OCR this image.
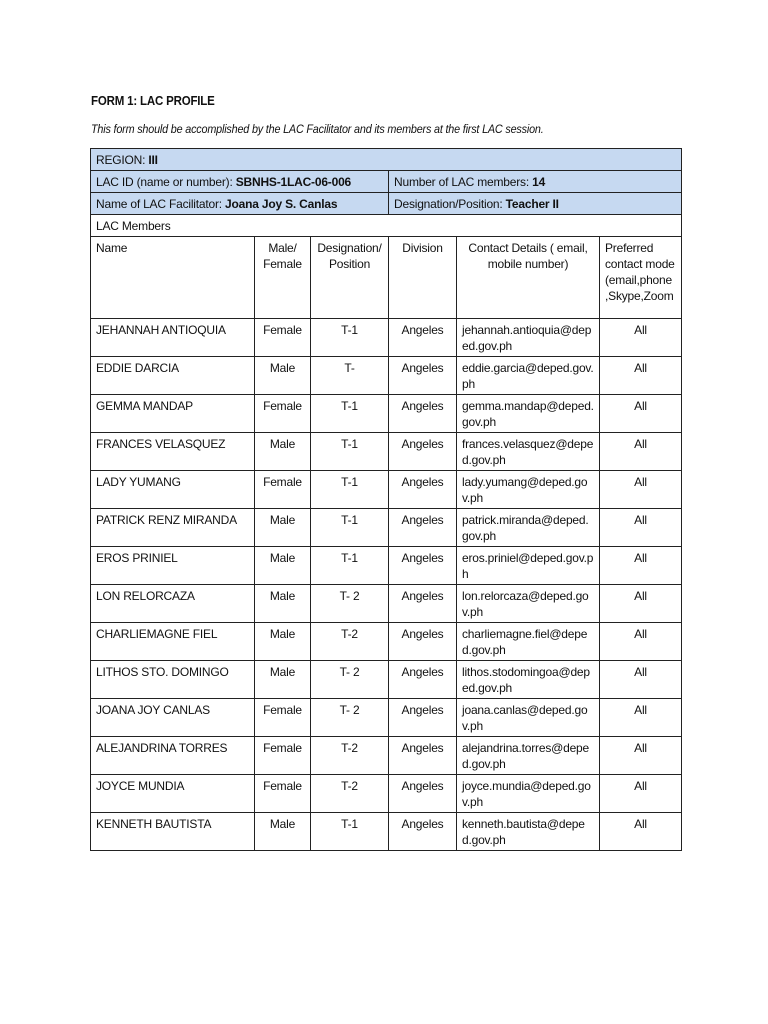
FORM 1: LAC PROFILE
This form should be accomplished by the LAC Facilitator and its members at the first LAC session.
REGION: III					
LAC ID (name or number): SBNHS-1LAC-06-006			Number of LAC members: 14		
Name of LAC Facilitator: Joana Joy S. Canlas			Designation/Position: Teacher II		
LAC Members					
Name	Male/ Female	Designation/ Position	Division	Contact Details ( email, mobile number)	Preferred contact mode (email,phone ,Skype,Zoom
JEHANNAH ANTIOQUIA	Female	T-1	Angeles	jehannah.antioquia@deped.gov.ph	All
EDDIE DARCIA	Male	T-	Angeles	eddie.garcia@deped.gov.ph	All
GEMMA MANDAP	Female	T-1	Angeles	gemma.mandap@deped.gov.ph	All
FRANCES VELASQUEZ	Male	T-1	Angeles	frances.velasquez@deped.gov.ph	All
LADY YUMANG	Female	T-1	Angeles	lady.yumang@deped.gov.ph	All
PATRICK RENZ MIRANDA	Male	T-1	Angeles	patrick.miranda@deped.gov.ph	All
EROS PRINIEL	Male	T-1	Angeles	eros.priniel@deped.gov.ph	All
LON RELORCAZA	Male	T- 2	Angeles	lon.relorcaza@deped.gov.ph	All
CHARLIEMAGNE FIEL	Male	T-2	Angeles	charliemagne.fiel@deped.gov.ph	All
LITHOS STO. DOMINGO	Male	T- 2	Angeles	lithos.stodomingoa@deped.gov.ph	All
JOANA JOY CANLAS	Female	T- 2	Angeles	joana.canlas@deped.gov.ph	All
ALEJANDRINA TORRES	Female	T-2	Angeles	alejandrina.torres@deped.gov.ph	All
JOYCE MUNDIA	Female	T-2	Angeles	joyce.mundia@deped.gov.ph	All
KENNETH BAUTISTA	Male	T-1	Angeles	kenneth.bautista@deped.gov.ph	All
